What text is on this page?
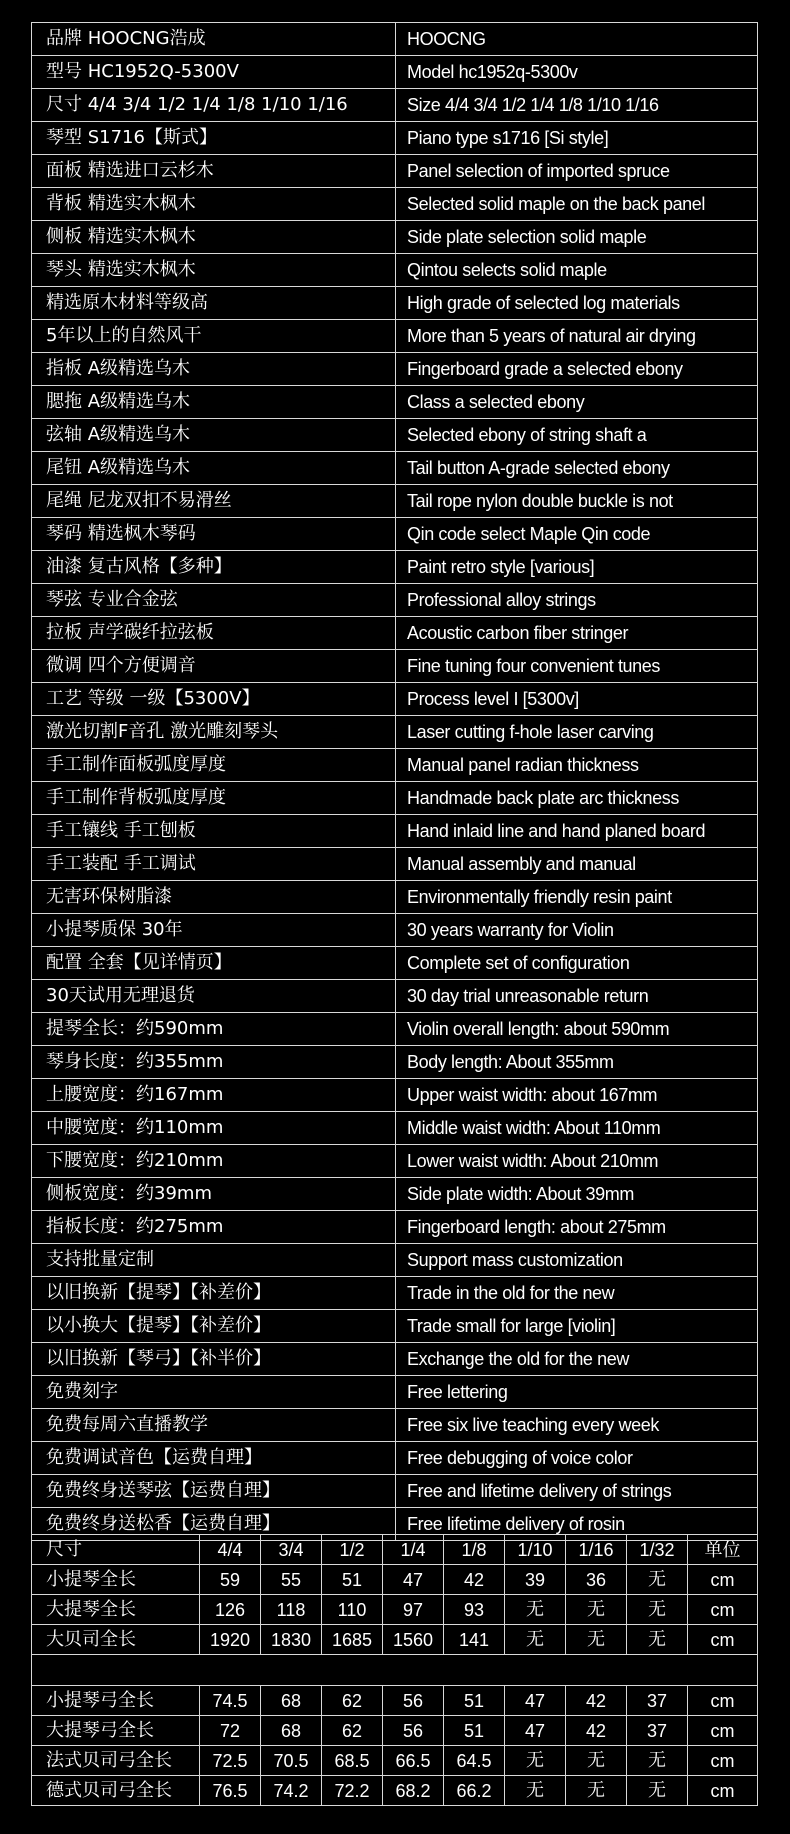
品牌 HOOCNG浩成	HOOCNG
型号 HC1952Q-5300V	Model hc1952q-5300v
尺寸 4/4 3/4 1/2 1/4 1/8 1/10 1/16	Size 4/4 3/4 1/2 1/4 1/8 1/10 1/16
琴型 S1716【斯式】	Piano type s1716 [Si style]
面板 精选进口云杉木	Panel selection of imported spruce
背板 精选实木枫木	Selected solid maple on the back panel
侧板 精选实木枫木	Side plate selection solid maple
琴头 精选实木枫木	Qintou selects solid maple
精选原木材料等级高	High grade of selected log materials
5年以上的自然风干	More than 5 years of natural air drying
指板 A级精选乌木	Fingerboard grade a selected ebony
腮拖 A级精选乌木	Class a selected ebony
弦轴 A级精选乌木	Selected ebony of string shaft a
尾钮 A级精选乌木	Tail button A-grade selected ebony
尾绳 尼龙双扣不易滑丝	Tail rope nylon double buckle is not
琴码 精选枫木琴码	Qin code select Maple Qin code
油漆 复古风格【多种】	Paint retro style [various]
琴弦 专业合金弦	Professional alloy strings
拉板 声学碳纤拉弦板	Acoustic carbon fiber stringer
微调 四个方便调音	Fine tuning four convenient tunes
工艺 等级 一级【5300V】	Process level I [5300v]
激光切割F音孔 激光雕刻琴头	Laser cutting f-hole laser carving
手工制作面板弧度厚度	Manual panel radian thickness
手工制作背板弧度厚度	Handmade back plate arc thickness
手工镶线 手工刨板	Hand inlaid line and hand planed board
手工装配 手工调试	Manual assembly and manual
无害环保树脂漆	Environmentally friendly resin paint
小提琴质保 30年	30 years warranty for Violin
配置 全套【见详情页】	Complete set of configuration
30天试用无理退货	30 day trial unreasonable return
提琴全长：约590mm	Violin overall length: about 590mm
琴身长度：约355mm	Body length: About 355mm
上腰宽度：约167mm	Upper waist width: about 167mm
中腰宽度：约110mm	Middle waist width: About 110mm
下腰宽度：约210mm	Lower waist width: About 210mm
侧板宽度：约39mm	Side plate width: About 39mm
指板长度：约275mm	Fingerboard length: about 275mm
支持批量定制	Support mass customization
以旧换新【提琴】【补差价】	Trade in the old for the new
以小换大【提琴】【补差价】	Trade small for large [violin]
以旧换新【琴弓】【补半价】	Exchange the old for the new
免费刻字	Free lettering
免费每周六直播教学	Free six live teaching every week
免费调试音色【运费自理】	Free debugging of voice color
免费终身送琴弦【运费自理】	Free and lifetime delivery of strings
免费终身送松香【运费自理】	Free lifetime delivery of rosin
尺寸	4/4	3/4	1/2	1/4	1/8	1/10	1/16	1/32	单位
小提琴全长	59	55	51	47	42	39	36	无	cm
大提琴全长	126	118	110	97	93	无	无	无	cm
大贝司全长	1920	1830	1685	1560	141	无	无	无	cm

小提琴弓全长	74.5	68	62	56	51	47	42	37	cm
大提琴弓全长	72	68	62	56	51	47	42	37	cm
法式贝司弓全长	72.5	70.5	68.5	66.5	64.5	无	无	无	cm
德式贝司弓全长	76.5	74.2	72.2	68.2	66.2	无	无	无	cm
